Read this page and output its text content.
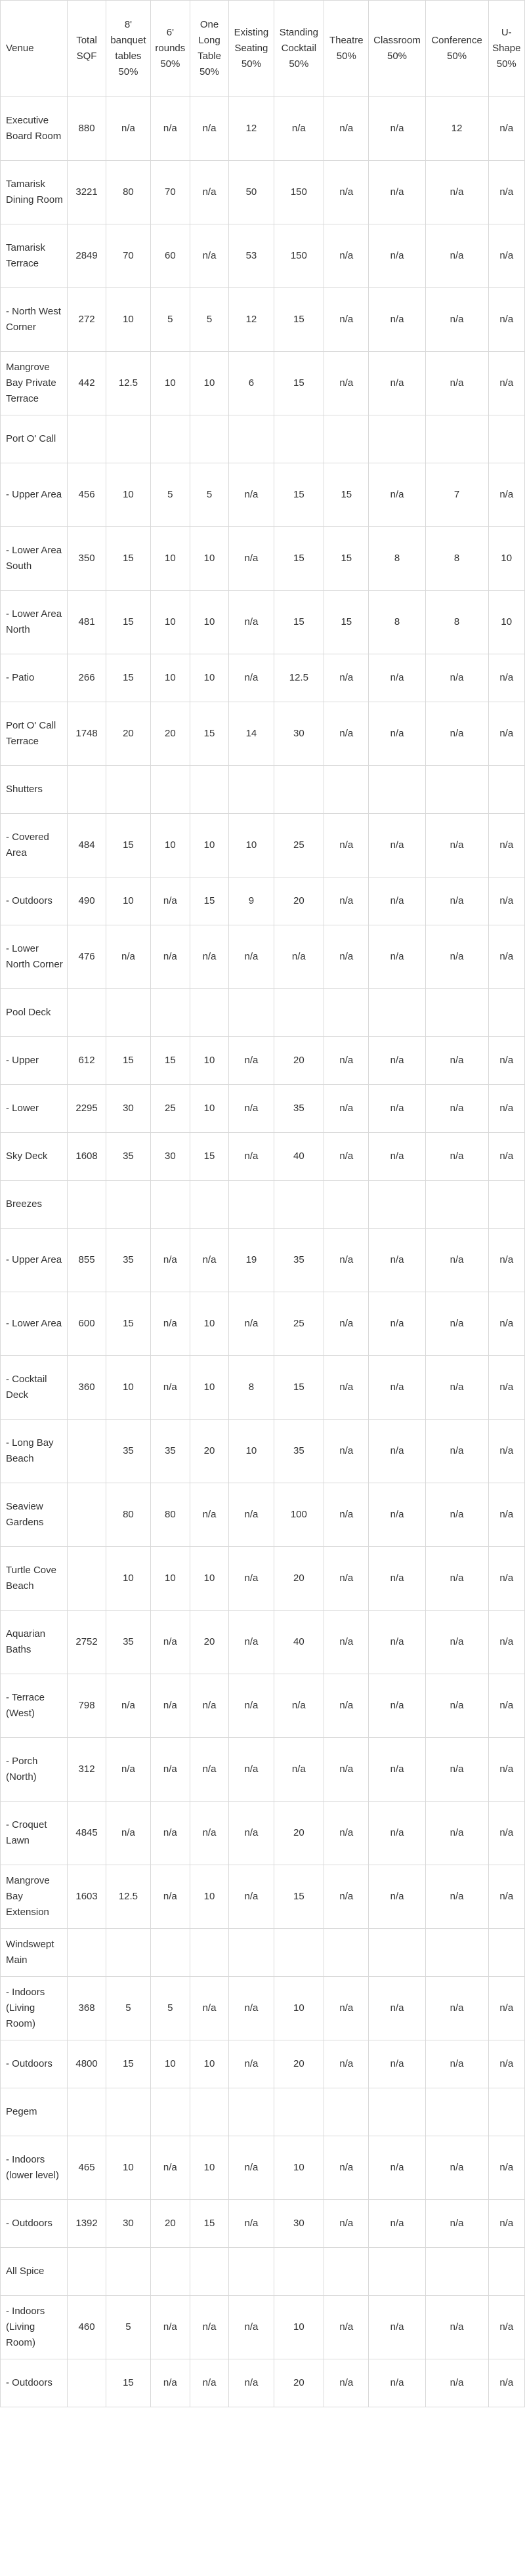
Venue	Total SQF	8' banquet tables 50%	6' rounds 50%	One Long Table 50%	Existing Seating 50%	Standing Cocktail 50%	Theatre 50%	Classroom 50%	Conference 50%	U-Shape 50%
Executive Board Room	880	n/a	n/a	n/a	12	n/a	n/a	n/a	12	n/a
Tamarisk Dining Room	3221	80	70	n/a	50	150	n/a	n/a	n/a	n/a
Tamarisk Terrace	2849	70	60	n/a	53	150	n/a	n/a	n/a	n/a
- North West Corner	272	10	5	5	12	15	n/a	n/a	n/a	n/a
Mangrove Bay Private Terrace	442	12.5	10	10	6	15	n/a	n/a	n/a	n/a
Port O' Call										
- Upper Area	456	10	5	5	n/a	15	15	n/a	7	n/a
- Lower Area South	350	15	10	10	n/a	15	15	8	8	10
- Lower Area North	481	15	10	10	n/a	15	15	8	8	10
- Patio	266	15	10	10	n/a	12.5	n/a	n/a	n/a	n/a
Port O' Call Terrace	1748	20	20	15	14	30	n/a	n/a	n/a	n/a
Shutters										
- Covered Area	484	15	10	10	10	25	n/a	n/a	n/a	n/a
- Outdoors	490	10	n/a	15	9	20	n/a	n/a	n/a	n/a
- Lower North Corner	476	n/a	n/a	n/a	n/a	n/a	n/a	n/a	n/a	n/a
Pool Deck										
- Upper	612	15	15	10	n/a	20	n/a	n/a	n/a	n/a
- Lower	2295	30	25	10	n/a	35	n/a	n/a	n/a	n/a
Sky Deck	1608	35	30	15	n/a	40	n/a	n/a	n/a	n/a
Breezes										
- Upper Area	855	35	n/a	n/a	19	35	n/a	n/a	n/a	n/a
- Lower Area	600	15	n/a	10	n/a	25	n/a	n/a	n/a	n/a
- Cocktail Deck	360	10	n/a	10	8	15	n/a	n/a	n/a	n/a
- Long Bay Beach		35	35	20	10	35	n/a	n/a	n/a	n/a
Seaview Gardens		80	80	n/a	n/a	100	n/a	n/a	n/a	n/a
Turtle Cove Beach		10	10	10	n/a	20	n/a	n/a	n/a	n/a
Aquarian Baths	2752	35	n/a	20	n/a	40	n/a	n/a	n/a	n/a
- Terrace (West)	798	n/a	n/a	n/a	n/a	n/a	n/a	n/a	n/a	n/a
- Porch (North)	312	n/a	n/a	n/a	n/a	n/a	n/a	n/a	n/a	n/a
- Croquet Lawn	4845	n/a	n/a	n/a	n/a	20	n/a	n/a	n/a	n/a
Mangrove Bay Extension	1603	12.5	n/a	10	n/a	15	n/a	n/a	n/a	n/a
Windswept Main										
- Indoors (Living Room)	368	5	5	n/a	n/a	10	n/a	n/a	n/a	n/a
- Outdoors	4800	15	10	10	n/a	20	n/a	n/a	n/a	n/a
Pegem										
- Indoors (lower level)	465	10	n/a	10	n/a	10	n/a	n/a	n/a	n/a
- Outdoors	1392	30	20	15	n/a	30	n/a	n/a	n/a	n/a
All Spice										
- Indoors (Living Room)	460	5	n/a	n/a	n/a	10	n/a	n/a	n/a	n/a
- Outdoors		15	n/a	n/a	n/a	20	n/a	n/a	n/a	n/a
